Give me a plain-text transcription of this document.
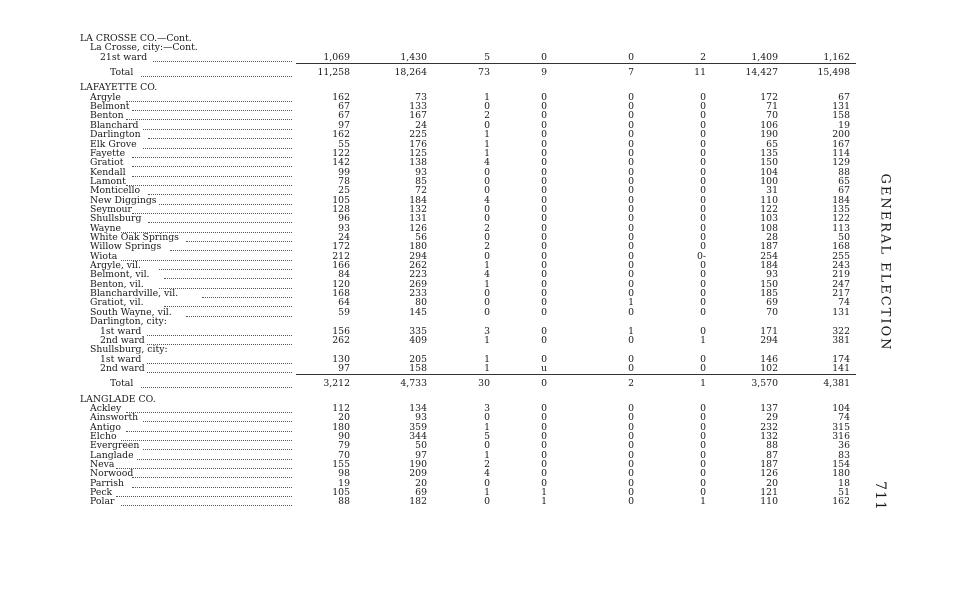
LA CROSSE CO.—Cont.
La Crosse, city:—Cont.
21st ward	1,069	1,430	5	0	0	2	1,409	1,162
Total	11,258	18,264	73	9	7	11	14,427	15,498
LAFAYETTE CO.
Argyle	162	73	1	0	0	0	172	67
Belmont	67	133	0	0	0	0	71	131
Benton	67	167	2	0	0	0	70	158
Blanchard	97	24	0	0	0	0	106	19
Darlington	162	225	1	0	0	0	190	200
Elk Grove	55	176	1	0	0	0	65	167
Fayette	122	125	1	0	0	0	135	114
Gratiot	142	138	4	0	0	0	150	129
Kendall	99	93	0	0	0	0	104	88
Lamont	78	85	0	0	0	0	100	65
Monticello	25	72	0	0	0	0	31	67
New Diggings	105	184	4	0	0	0	110	184
Seymour	128	132	0	0	0	0	122	135
Shullsburg	96	131	0	0	0	0	103	122
Wayne	93	126	2	0	0	0	108	113
White Oak Springs	24	56	0	0	0	0	28	50
Willow Springs	172	180	2	0	0	0	187	168
Wiota	212	294	0	0	0	0-	254	255
Argyle, vil.	166	262	1	0	0	0	184	243
Belmont, vil.	84	223	4	0	0	0	93	219
Benton, vil.	120	269	1	0	0	0	150	247
Blanchardville, vil.	168	233	0	0	0	0	185	217
Gratiot, vil.	64	80	0	0	1	0	69	74
South Wayne, vil.	59	145	0	0	0	0	70	131
Darlington, city:
1st ward	156	335	3	0	1	0	171	322
2nd ward	262	409	1	0	0	1	294	381
Shullsburg, city:
1st ward	130	205	1	0	0	0	146	174
2nd ward	97	158	1	u	0	0	102	141
Total	3,212	4,733	30	0	2	1	3,570	4,381
LANGLADE CO.
Ackley	112	134	3	0	0	0	137	104
Ainsworth	20	93	0	0	0	0	29	74
Antigo	180	359	1	0	0	0	232	315
Elcho	90	344	5	0	0	0	132	316
Evergreen	79	50	0	0	0	0	88	36
Langlade	70	97	1	0	0	0	87	83
Neva	155	190	2	0	0	0	187	154
Norwood	98	209	4	0	0	0	126	180
Parrish	19	20	0	0	0	0	20	18
Peck	105	69	1	1	0	0	121	51
Polar	88	182	0	1	0	1	110	162
GENERAL ELECTION
711
